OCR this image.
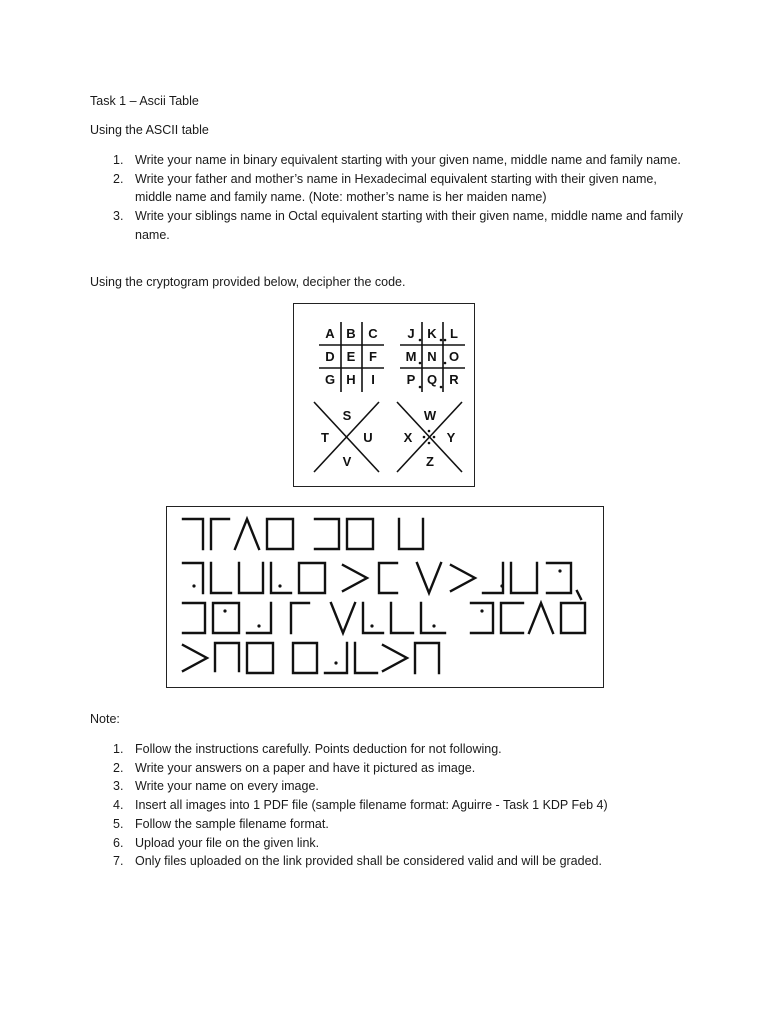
Task 1 – Ascii Table

Using the ASCII table

1. Write your name in binary equivalent starting with your given name, middle name and family name.
2. Write your father and mother’s name in Hexadecimal equivalent starting with their given name, middle name and family name. (Note: mother’s name is her maiden name)
3. Write your siblings name in Octal equivalent starting with their given name, middle name and family name.

Using the cryptogram provided below, decipher the code.

A B C
D E F
G H I
J K L
M N O
P Q R
S
T	U
V
W
X	Y
Z

Note:

1. Follow the instructions carefully. Points deduction for not following.
2. Write your answers on a paper and have it pictured as image.
3. Write your name on every image.
4. Insert all images into 1 PDF file (sample filename format: Aguirre - Task 1 KDP Feb 4)
5. Follow the sample filename format.
6. Upload your file on the given link.
7. Only files uploaded on the link provided shall be considered valid and will be graded.
